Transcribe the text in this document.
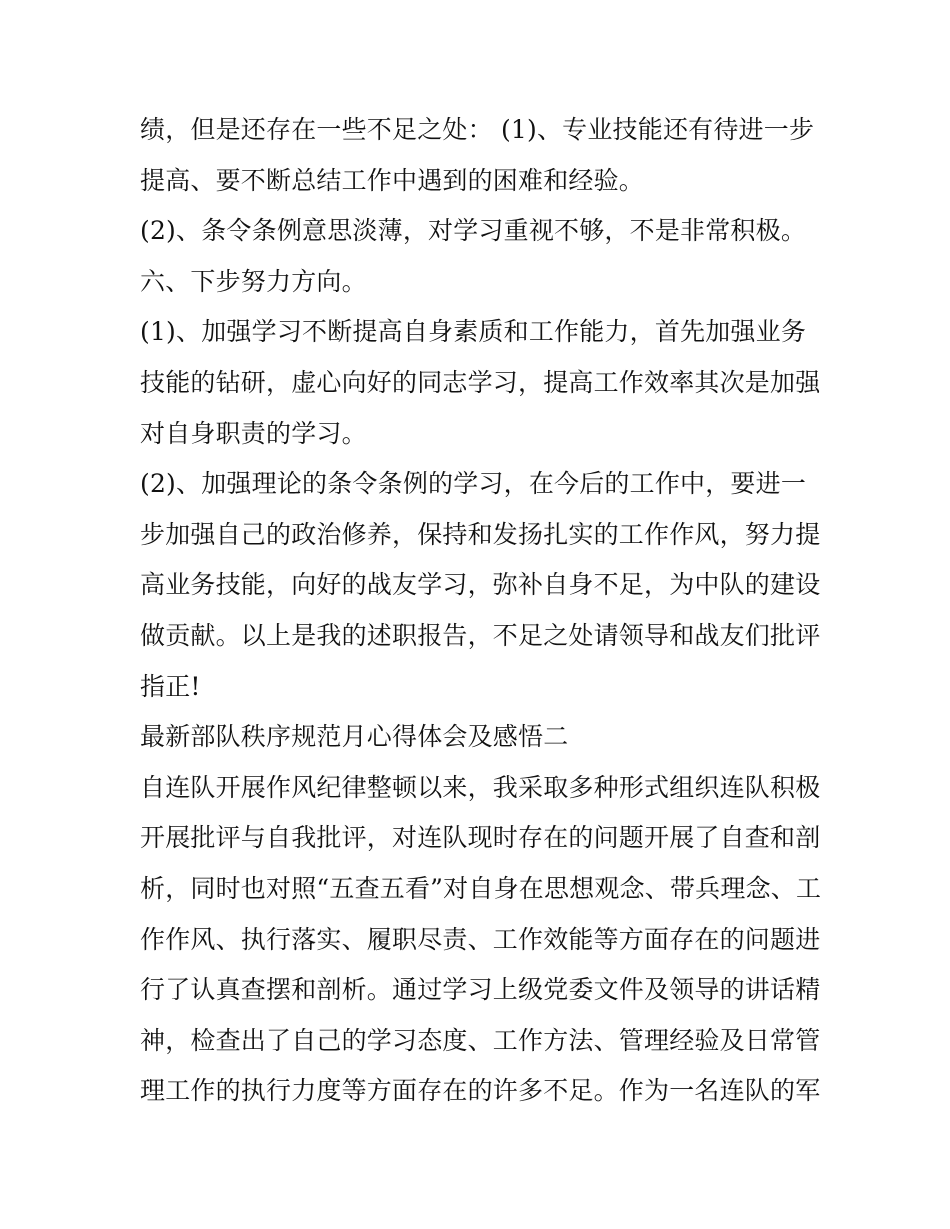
绩，但是还存在一些不足之处： (1)、专业技能还有待进一步
提高、要不断总结工作中遇到的困难和经验。
(2)、条令条例意思淡薄，对学习重视不够，不是非常积极。
六、下步努力方向。
(1)、加强学习不断提高自身素质和工作能力，首先加强业务
技能的钻研，虚心向好的同志学习，提高工作效率其次是加强
对自身职责的学习。
(2)、加强理论的条令条例的学习，在今后的工作中，要进一
步加强自己的政治修养，保持和发扬扎实的工作作风，努力提
高业务技能，向好的战友学习，弥补自身不足，为中队的建设
做贡献。以上是我的述职报告，不足之处请领导和战友们批评
指正!
最新部队秩序规范月心得体会及感悟二
自连队开展作风纪律整顿以来，我采取多种形式组织连队积极
开展批评与自我批评，对连队现时存在的问题开展了自查和剖
析，同时也对照“五查五看”对自身在思想观念、带兵理念、工
作作风、执行落实、履职尽责、工作效能等方面存在的问题进
行了认真查摆和剖析。通过学习上级党委文件及领导的讲话精
神，检查出了自己的学习态度、工作方法、管理经验及日常管
理工作的执行力度等方面存在的许多不足。作为一名连队的军
